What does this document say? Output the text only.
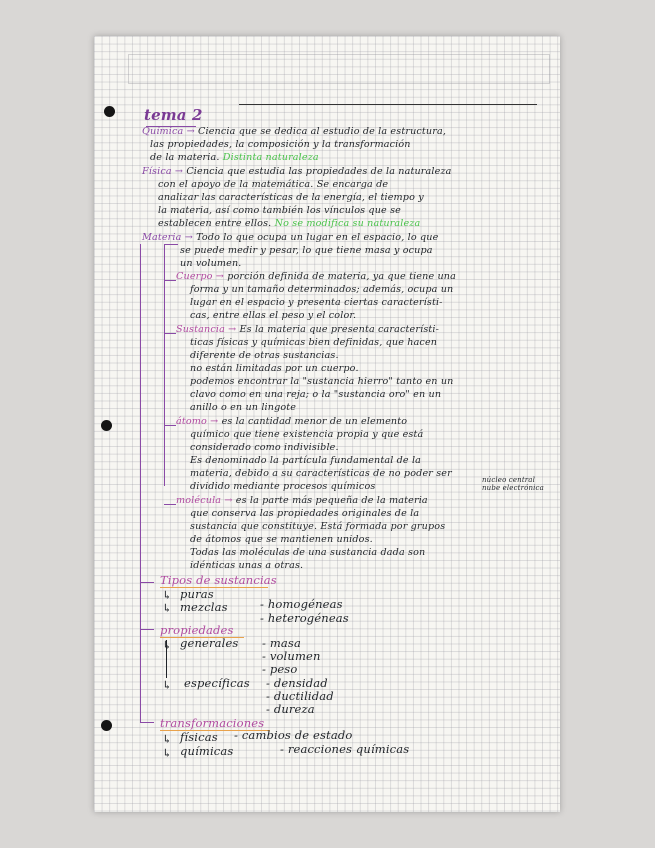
tema 2
Química → Ciencia que se dedica al estudio de la estructura,
las propiedades, la composición y la transformación
de la materia. Distinta naturaleza
Física → Ciencia que estudia las propiedades de la naturaleza
con el apoyo de la matemática. Se encarga de
analizar las características de la energía, el tiempo y
la materia, así como también los vínculos que se
establecen entre ellos. No se modifica su naturaleza
Materia → Todo lo que ocupa un lugar en el espacio, lo que
se puede medir y pesar, lo que tiene masa y ocupa
un volumen.
Cuerpo → porción definida de materia, ya que tiene una
forma y un tamaño determinados; además, ocupa un
lugar en el espacio y presenta ciertas característi-
cas, entre ellas el peso y el color.
Sustancia → Es la materia que presenta característi-
ticas físicas y químicas bien definidas, que hacen
diferente de otras sustancias.
no están limitadas por un cuerpo.
podemos encontrar la "sustancia hierro" tanto en un
clavo como en una reja; o la "sustancia oro" en un
anillo o en un lingote
átomo → es la cantidad menor de un elemento
químico que tiene existencia propia y que está
considerado como indivisible.
Es denominado la partícula fundamental de la
materia, debido a su características de no poder ser
dividido mediante procesos químicos
molécula → es la parte más pequeña de la materia
que conserva las propiedades originales de la
sustancia que constituye. Está formada por grupos
de átomos que se mantienen unidos.
Todas las moléculas de una sustancia dada son
idénticas unas a otras.
núcleo central
nube electrónica
Tipos de sustancias
↳ puras
↳ mezclas	- homogéneas
- heterogéneas
propiedades
↳ generales - masa
- volumen
- peso
↳ específicas - densidad
- ductilidad
- dureza
transformaciones
↳ físicas - cambios de estado
↳ químicas	- reacciones químicas
